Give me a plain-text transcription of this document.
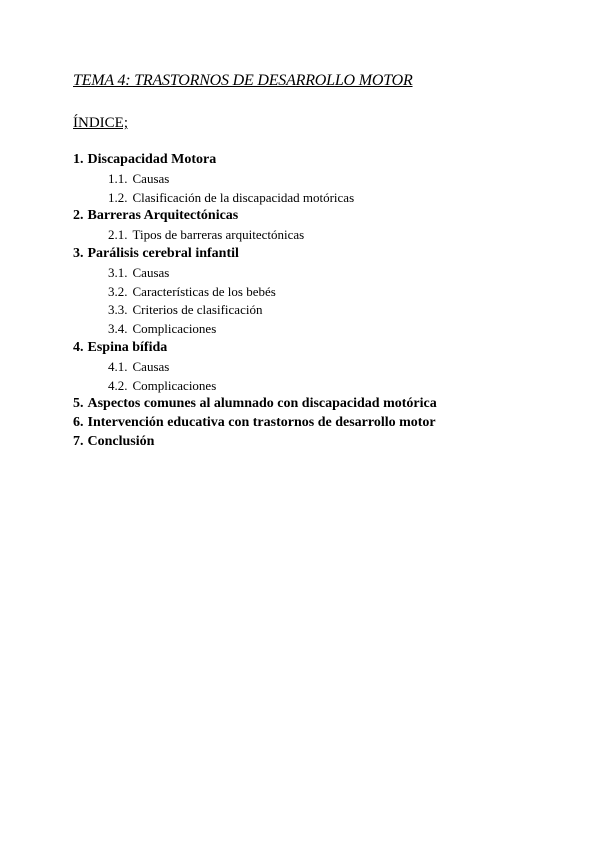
TEMA 4: TRASTORNOS DE DESARROLLO MOTOR
ÍNDICE;
1. Discapacidad Motora
1.1. Causas
1.2. Clasificación de la discapacidad motóricas
2. Barreras Arquitectónicas
2.1. Tipos de barreras arquitectónicas
3. Parálisis cerebral infantil
3.1. Causas
3.2. Características de los bebés
3.3. Criterios de clasificación
3.4. Complicaciones
4. Espina bífida
4.1. Causas
4.2. Complicaciones
5. Aspectos comunes al alumnado con discapacidad motórica
6. Intervención educativa con trastornos de desarrollo motor
7. Conclusión
